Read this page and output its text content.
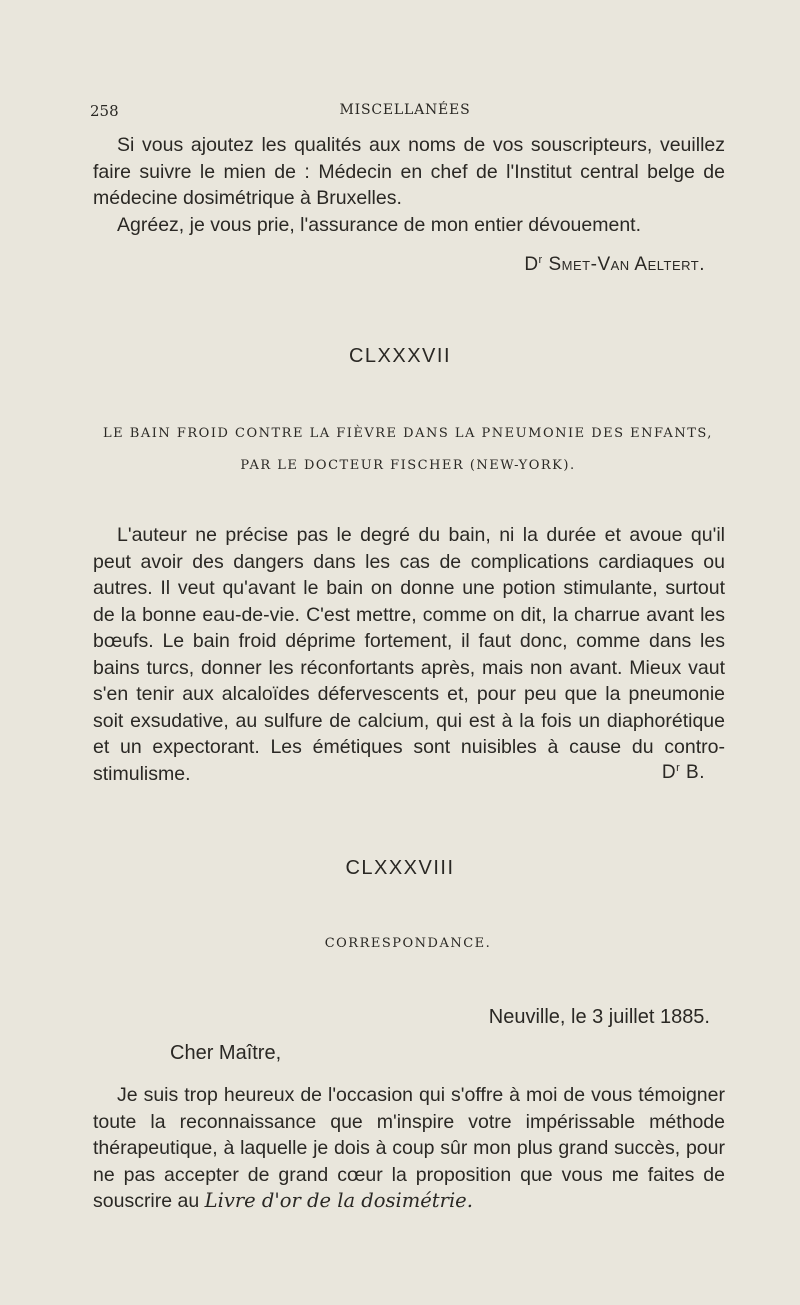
258	MISCELLANÉES

Si vous ajoutez les qualités aux noms de vos souscripteurs, veuillez faire suivre le mien de : Médecin en chef de l'Institut central belge de médecine dosimétrique à Bruxelles.

Agréez, je vous prie, l'assurance de mon entier dévouement.

$D^r$ Smet-Van Aeltert.
CLXXXVII
LE BAIN FROID CONTRE LA FIÈVRE DANS LA PNEUMONIE DES ENFANTS,
PAR LE DOCTEUR FISCHER (NEW-YORK).

L'auteur ne précise pas le degré du bain, ni la durée et avoue qu'il peut avoir des dangers dans les cas de complications cardiaques ou autres. Il veut qu'avant le bain on donne une potion stimulante, surtout de la bonne eau-de-vie. C'est mettre, comme on dit, la charrue avant les bœufs. Le bain froid déprime fortement, il faut donc, comme dans les bains turcs, donner les réconfortants après, mais non avant. Mieux vaut s'en tenir aux alcaloïdes défervescents et, pour peu que la pneumonie soit exsudative, au sulfure de calcium, qui est à la fois un diaphorétique et un expectorant. Les émétiques sont nuisibles à cause du contro-stimulisme.	$D^r$ B.
CLXXXVIII
CORRESPONDANCE.
Neuville, le 3 juillet 1885.
Cher Maître,

Je suis trop heureux de l'occasion qui s'offre à moi de vous témoigner toute la reconnaissance que m'inspire votre impérissable méthode thérapeutique, à laquelle je dois à coup sûr mon plus grand succès, pour ne pas accepter de grand cœur la proposition que vous me faites de souscrire au Livre d'or de la dosimétrie.
